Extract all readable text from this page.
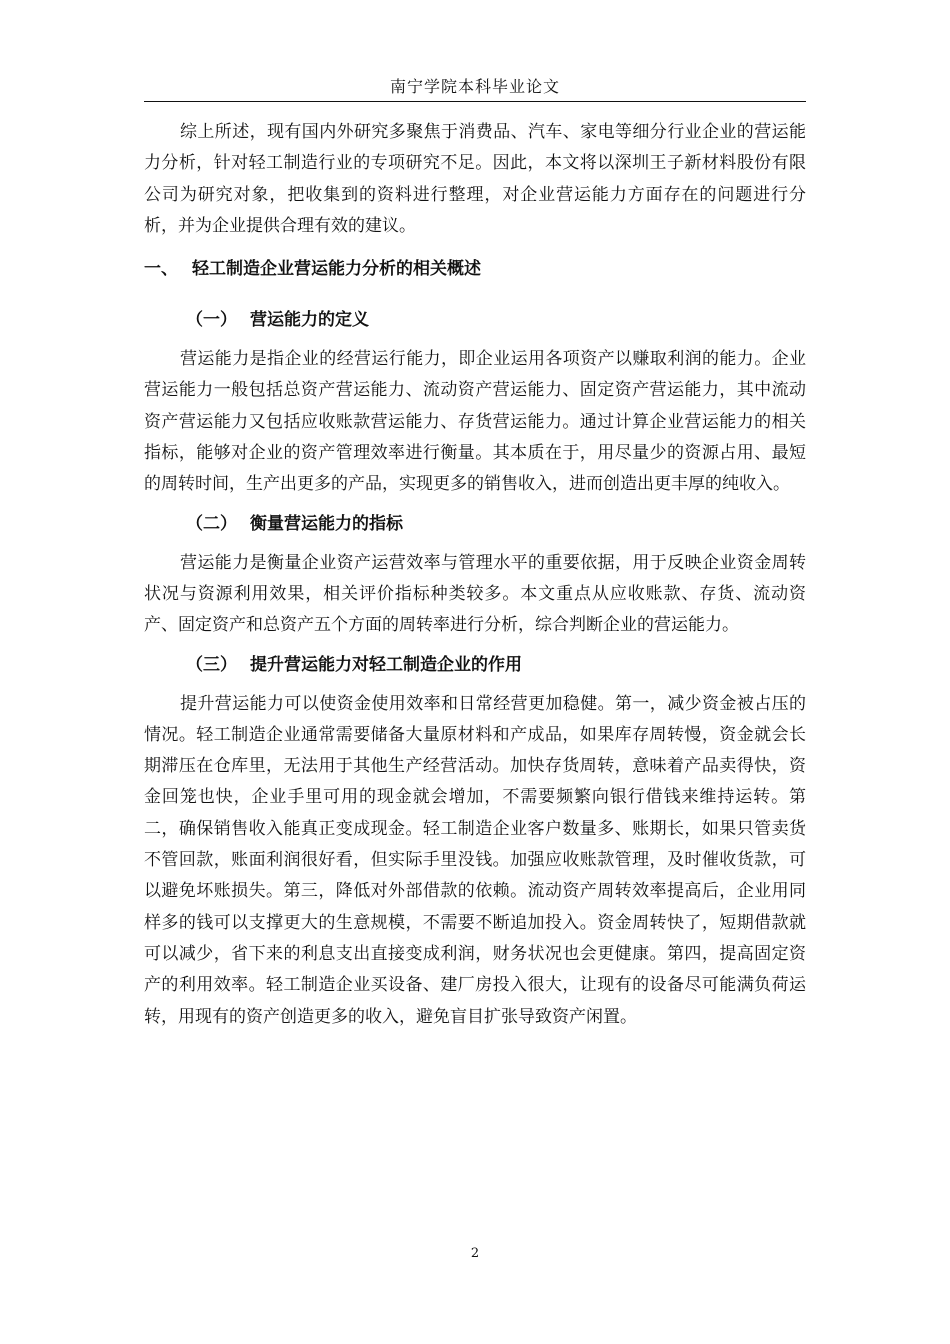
南宁学院本科毕业论文

综上所述，现有国内外研究多聚焦于消费品、汽车、家电等细分行业企业的营运能力分析，针对轻工制造行业的专项研究不足。因此，本文将以深圳王子新材料股份有限公司为研究对象，把收集到的资料进行整理，对企业营运能力方面存在的问题进行分析，并为企业提供合理有效的建议。

一、 轻工制造企业营运能力分析的相关概述
（一） 营运能力的定义

营运能力是指企业的经营运行能力，即企业运用各项资产以赚取利润的能力。企业营运能力一般包括总资产营运能力、流动资产营运能力、固定资产营运能力，其中流动资产营运能力又包括应收账款营运能力、存货营运能力。通过计算企业营运能力的相关指标，能够对企业的资产管理效率进行衡量。其本质在于，用尽量少的资源占用、最短的周转时间，生产出更多的产品，实现更多的销售收入，进而创造出更丰厚的纯收入。

（二） 衡量营运能力的指标

营运能力是衡量企业资产运营效率与管理水平的重要依据，用于反映企业资金周转状况与资源利用效果，相关评价指标种类较多。本文重点从应收账款、存货、流动资产、固定资产和总资产五个方面的周转率进行分析，综合判断企业的营运能力。

（三） 提升营运能力对轻工制造企业的作用

提升营运能力可以使资金使用效率和日常经营更加稳健。第一，减少资金被占压的情况。轻工制造企业通常需要储备大量原材料和产成品，如果库存周转慢，资金就会长期滞压在仓库里，无法用于其他生产经营活动。加快存货周转，意味着产品卖得快，资金回笼也快，企业手里可用的现金就会增加，不需要频繁向银行借钱来维持运转。第二，确保销售收入能真正变成现金。轻工制造企业客户数量多、账期长，如果只管卖货不管回款，账面利润很好看，但实际手里没钱。加强应收账款管理，及时催收货款，可以避免坏账损失。第三，降低对外部借款的依赖。流动资产周转效率提高后，企业用同样多的钱可以支撑更大的生意规模，不需要不断追加投入。资金周转快了，短期借款就可以减少，省下来的利息支出直接变成利润，财务状况也会更健康。第四，提高固定资产的利用效率。轻工制造企业买设备、建厂房投入很大，让现有的设备尽可能满负荷运转，用现有的资产创造更多的收入，避免盲目扩张导致资产闲置。

2
